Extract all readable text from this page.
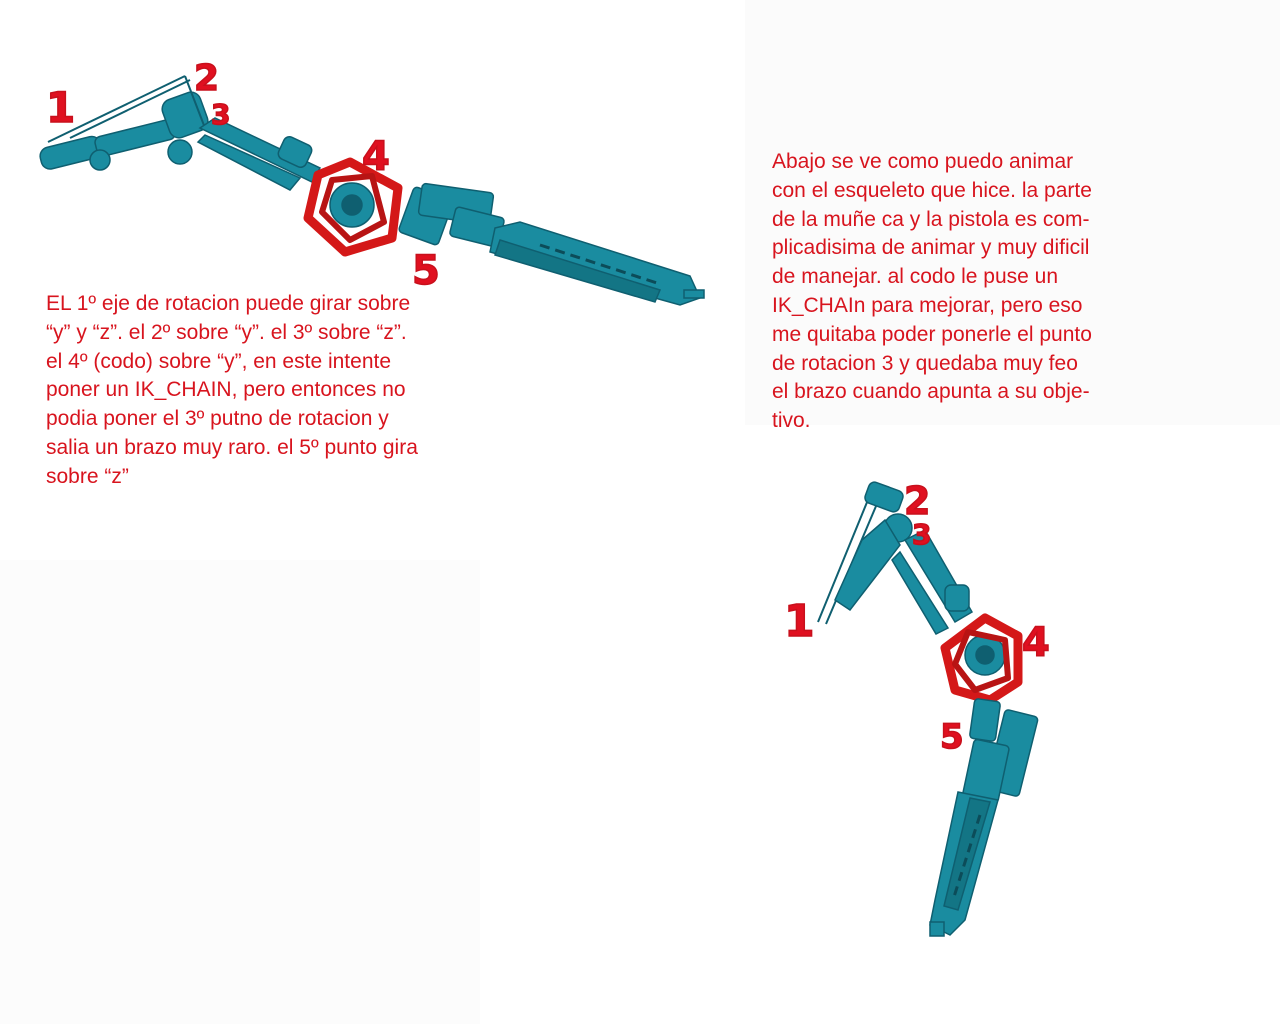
1
2
3
4
5
1
2
3
4
5

EL 1º eje de rotacion puede girar sobre
“y” y “z”. el 2º sobre “y”. el 3º sobre “z”.
el 4º (codo) sobre “y”, en este intente
poner un IK_CHAIN, pero entonces no
podia poner el 3º putno de rotacion y
salia un brazo muy raro. el 5º punto gira
sobre “z”

Abajo se ve como puedo animar
con el esqueleto que hice. la parte
de la muñe ca y la pistola es com-
plicadisima de animar y muy dificil
de manejar. al codo le puse un
IK_CHAIn para mejorar, pero eso
me quitaba poder ponerle el punto
de rotacion 3 y quedaba muy feo
el brazo cuando apunta a su obje-
tivo.
